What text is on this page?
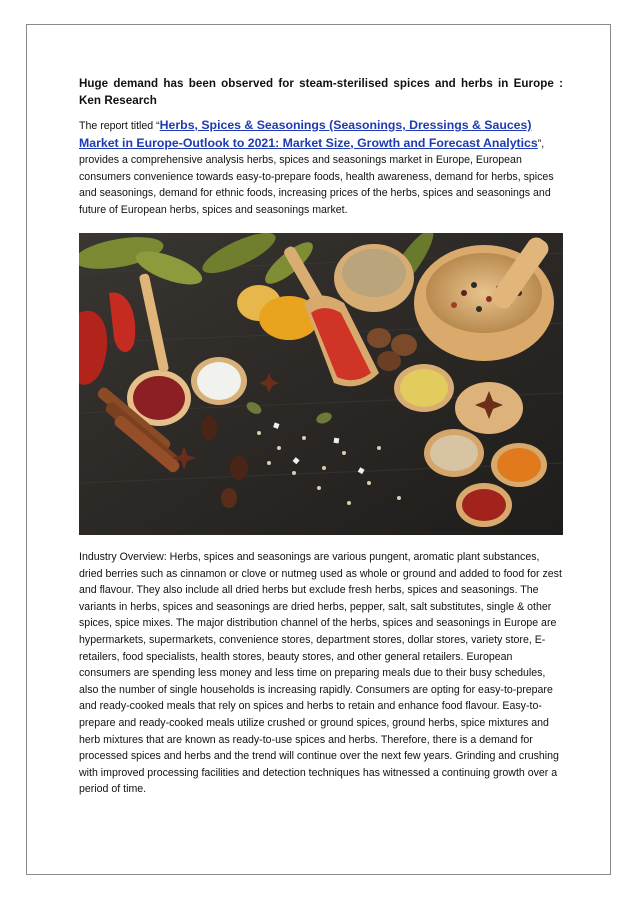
Huge demand has been observed for steam-sterilised spices and herbs in Europe : Ken Research

The report titled “Herbs, Spices & Seasonings (Seasonings, Dressings & Sauces) Market in Europe-Outlook to 2021: Market Size, Growth and Forecast Analytics”, provides a comprehensive analysis herbs, spices and seasonings market in Europe, European consumers convenience towards easy-to-prepare foods, health awareness, demand for herbs, spices and seasonings, demand for ethnic foods, increasing prices of the herbs, spices and seasonings and future of European herbs, spices and seasonings market.

Industry Overview: Herbs, spices and seasonings are various pungent, aromatic plant substances, dried berries such as cinnamon or clove or nutmeg used as whole or ground and added to food for zest and flavour. They also include all dried herbs but exclude fresh herbs, spices and seasonings. The variants in herbs, spices and seasonings are dried herbs, pepper, salt, salt substitutes, single & other spices, spice mixes. The major distribution channel of the herbs, spices and seasonings in Europe are hypermarkets, supermarkets, convenience stores, department stores, dollar stores, variety store, E-retailers, food specialists, health stores, beauty stores, and other general retailers. European consumers are spending less money and less time on preparing meals due to their busy schedules, also the number of single households is increasing rapidly. Consumers are opting for easy-to-prepare and ready-cooked meals that rely on spices and herbs to retain and enhance food flavour. Easy-to-prepare and ready-cooked meals utilize crushed or ground spices, ground herbs, spice mixtures and herb mixtures that are known as ready-to-use spices and herbs. Therefore, there is a demand for processed spices and herbs and the trend will continue over the next few years. Grinding and crushing with improved processing facilities and detection techniques has witnessed a continuing growth over a period of time.
